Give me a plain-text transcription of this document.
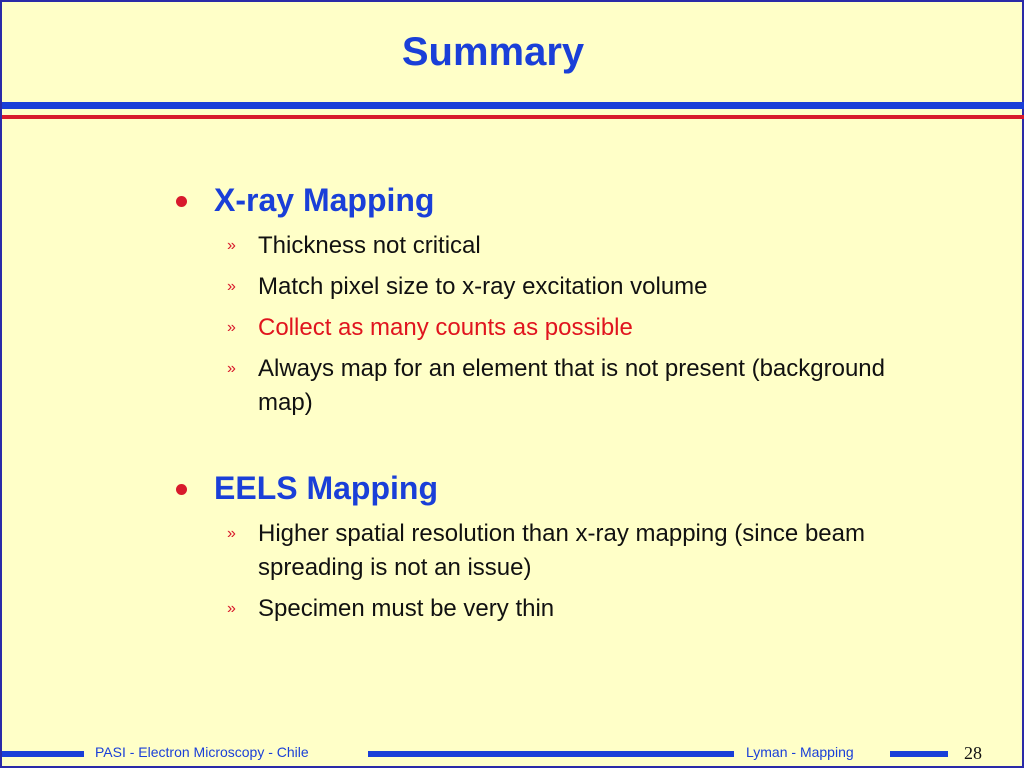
Summary
X-ray Mapping
» Thickness not critical
» Match pixel size to x-ray excitation volume
» Collect as many counts as possible
» Always map for an element that is not present (background map)
EELS Mapping
» Higher spatial resolution than x-ray mapping (since beam spreading is not an issue)
» Specimen must be very thin
PASI - Electron Microscopy - Chile	Lyman - Mapping	28
